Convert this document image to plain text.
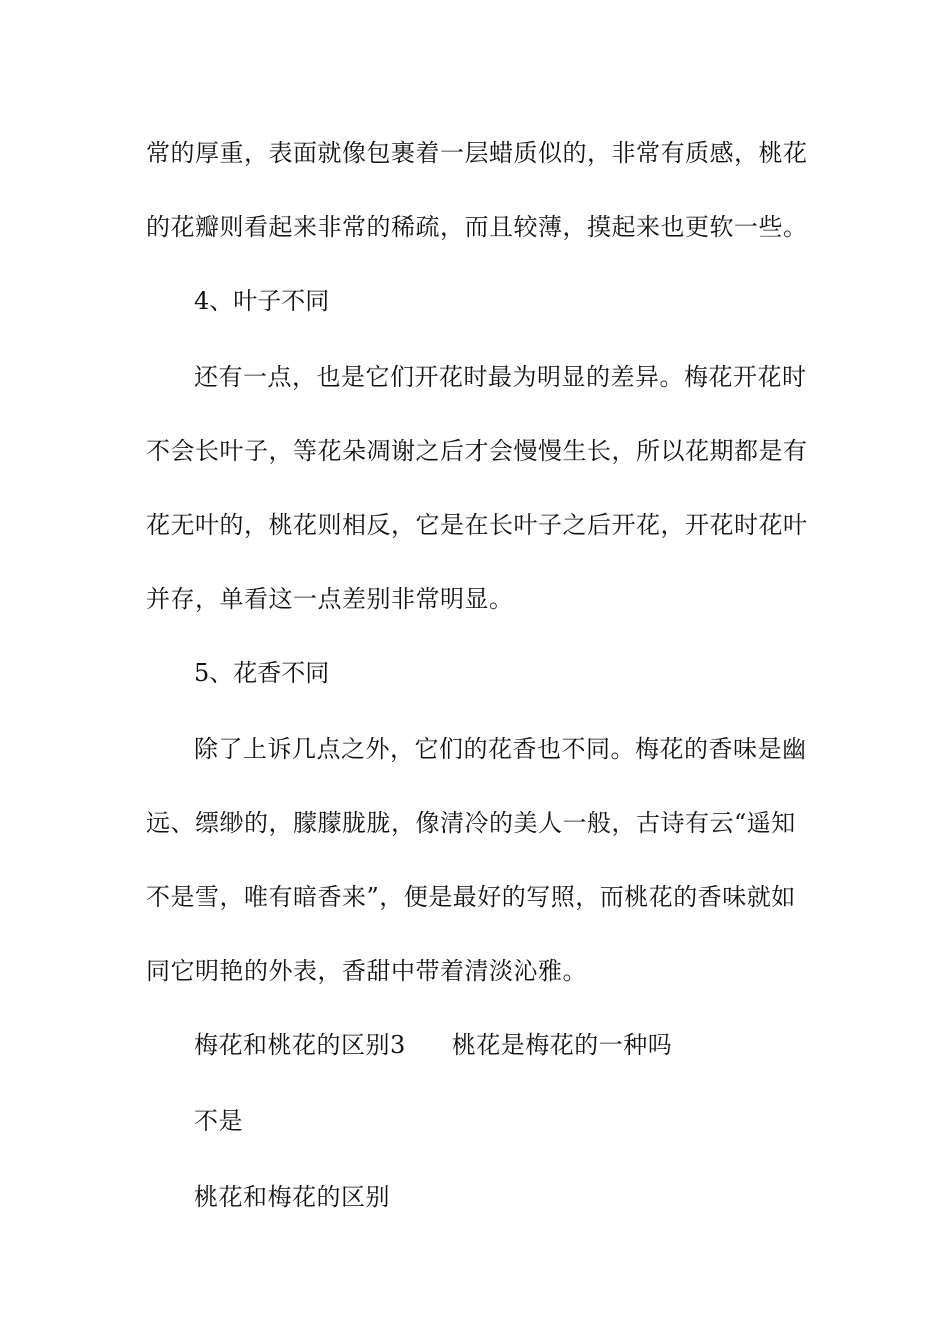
常的厚重，表面就像包裹着一层蜡质似的，非常有质感，桃花
的花瓣则看起来非常的稀疏，而且较薄，摸起来也更软一些。
4、叶子不同
还有一点，也是它们开花时最为明显的差异。梅花开花时
不会长叶子，等花朵凋谢之后才会慢慢生长，所以花期都是有
花无叶的，桃花则相反，它是在长叶子之后开花，开花时花叶
并存，单看这一点差别非常明显。
5、花香不同
除了上诉几点之外，它们的花香也不同。梅花的香味是幽
远、缥缈的，朦朦胧胧，像清冷的美人一般，古诗有云“遥知
不是雪，唯有暗香来”，便是最好的写照，而桃花的香味就如
同它明艳的外表，香甜中带着清淡沁雅。
梅花和桃花的区别3 桃花是梅花的一种吗
不是
桃花和梅花的区别
